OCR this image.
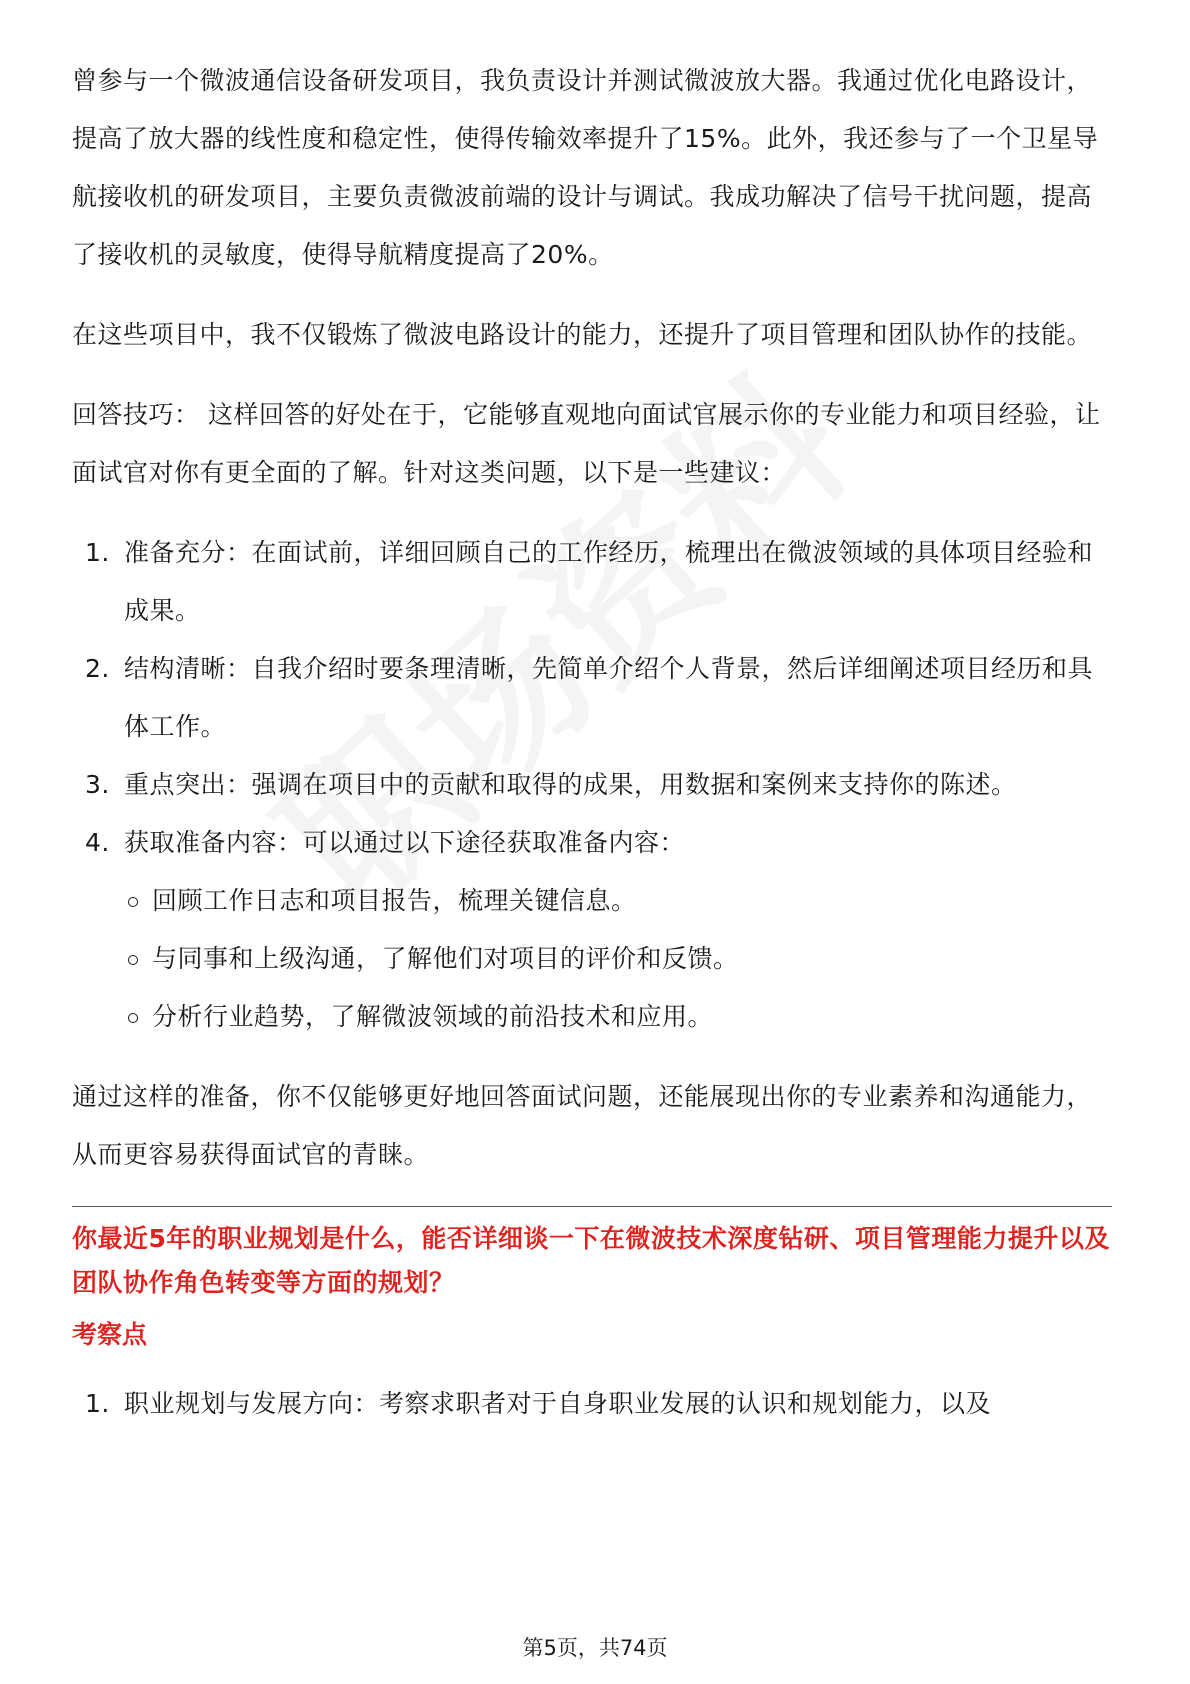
曾参与一个微波通信设备研发项目，我负责设计并测试微波放大器。我通过优化电路设计，提高了放大器的线性度和稳定性，使得传输效率提升了15%。此外，我还参与了一个卫星导航接收机的研发项目，主要负责微波前端的设计与调试。我成功解决了信号干扰问题，提高了接收机的灵敏度，使得导航精度提高了20%。

在这些项目中，我不仅锻炼了微波电路设计的能力，还提升了项目管理和团队协作的技能。

回答技巧： 这样回答的好处在于，它能够直观地向面试官展示你的专业能力和项目经验，让面试官对你有更全面的了解。针对这类问题，以下是一些建议：

1. 准备充分：在面试前，详细回顾自己的工作经历，梳理出在微波领域的具体项目经验和成果。
2. 结构清晰：自我介绍时要条理清晰，先简单介绍个人背景，然后详细阐述项目经历和具体工作。
3. 重点突出：强调在项目中的贡献和取得的成果，用数据和案例来支持你的陈述。
4. 获取准备内容：可以通过以下途径获取准备内容：
回顾工作日志和项目报告，梳理关键信息。
与同事和上级沟通，了解他们对项目的评价和反馈。
分析行业趋势，了解微波领域的前沿技术和应用。

通过这样的准备，你不仅能够更好地回答面试问题，还能展现出你的专业素养和沟通能力，从而更容易获得面试官的青睐。

你最近5年的职业规划是什么，能否详细谈一下在微波技术深度钻研、项目管理能力提升以及团队协作角色转变等方面的规划？

考察点

1. 职业规划与发展方向：考察求职者对于自身职业发展的认识和规划能力，以及
第5页，共74页
